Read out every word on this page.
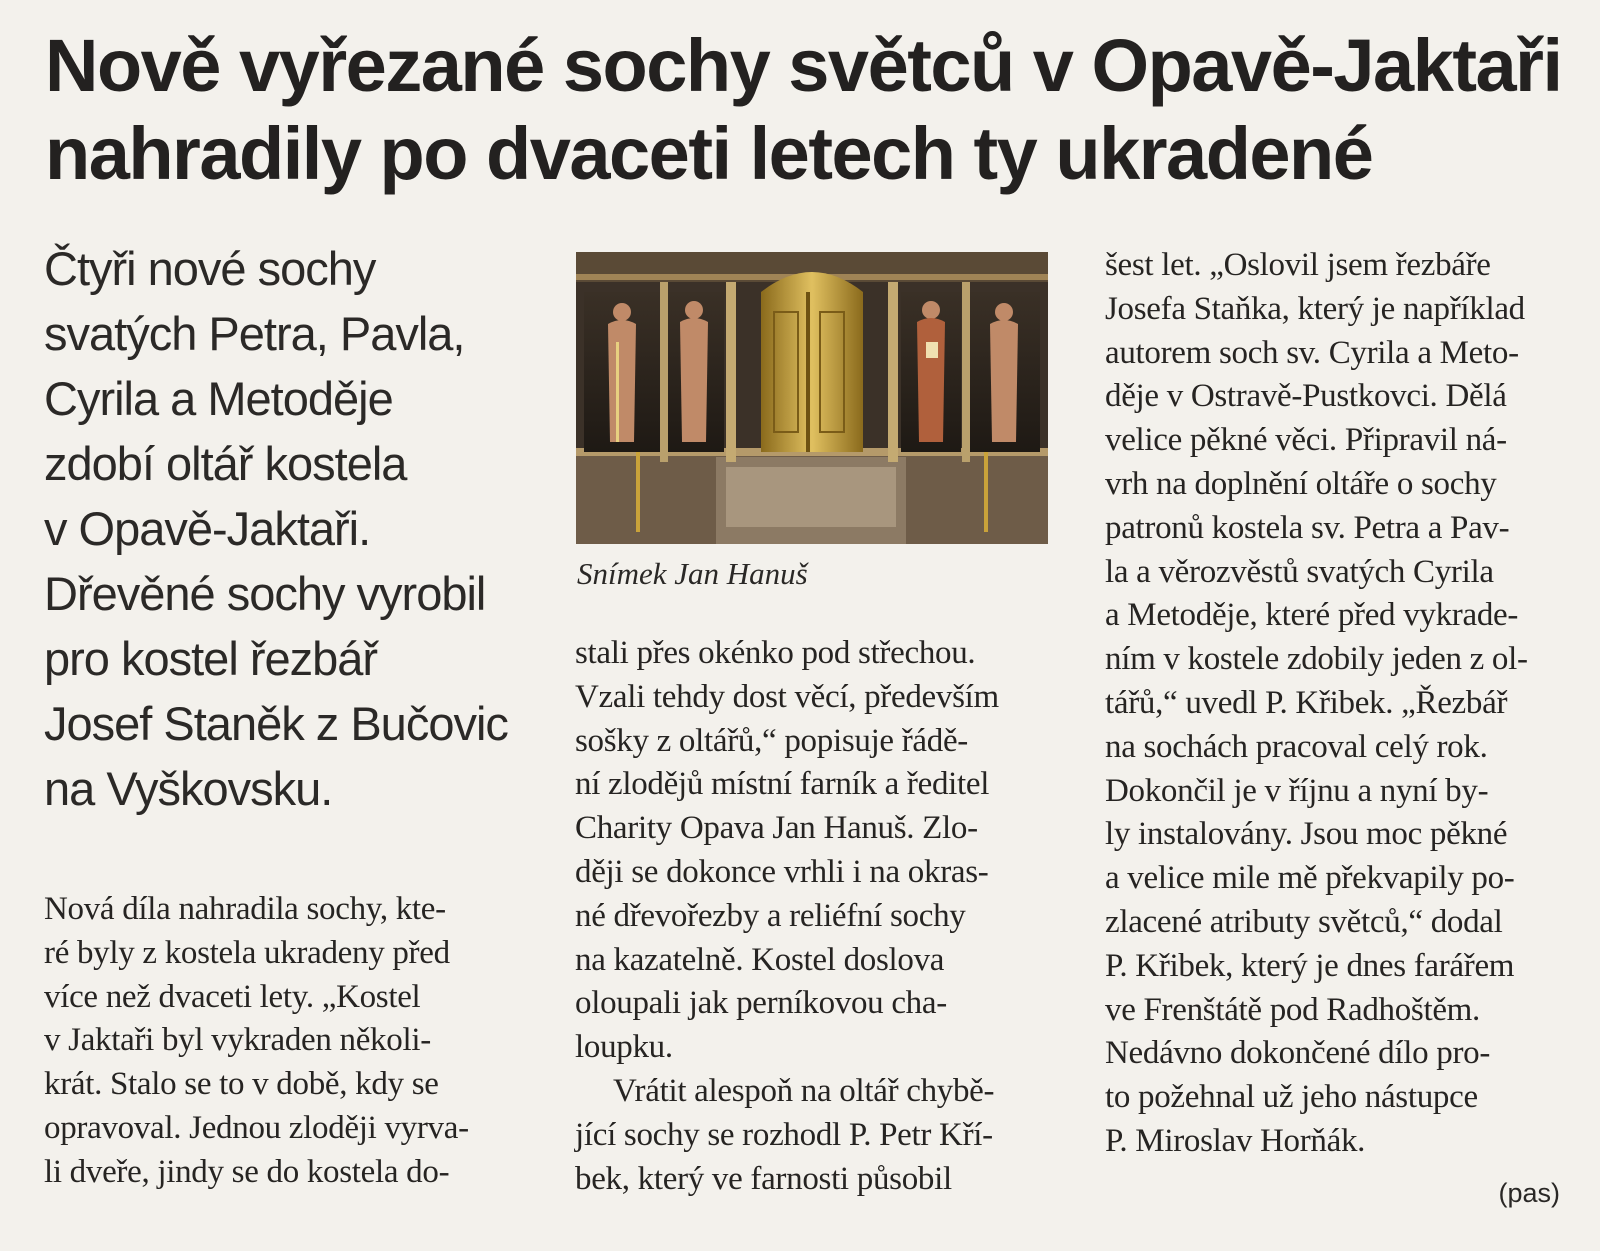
Nově vyřezané sochy světců v Opavě-Jaktaři
nahradily po dvaceti letech ty ukradené
Čtyři nové sochy
svatých Petra, Pavla,
Cyrila a Metoděje
zdobí oltář kostela
v Opavě-Jaktaři.
Dřevěné sochy vyrobil
pro kostel řezbář
Josef Staněk z Bučovic
na Vyškovsku.
Nová díla nahradila sochy, kte-
ré byly z kostela ukradeny před
více než dvaceti lety. „Kostel
v Jaktaři byl vykraden několi-
krát. Stalo se to v době, kdy se
opravoval. Jednou zloději vyrva-
li dveře, jindy se do kostela do-
Snímek Jan Hanuš
stali přes okénko pod střechou.
Vzali tehdy dost věcí, především
sošky z oltářů,“ popisuje řádě-
ní zlodějů místní farník a ředitel
Charity Opava Jan Hanuš. Zlo-
ději se dokonce vrhli i na okras-
né dřevořezby a reliéfní sochy
na kazatelně. Kostel doslova
oloupali jak perníkovou cha-
loupku.
Vrátit alespoň na oltář chybě-
jící sochy se rozhodl P. Petr Kří-
bek, který ve farnosti působil
šest let. „Oslovil jsem řezbáře
Josefa Staňka, který je například
autorem soch sv. Cyrila a Meto-
děje v Ostravě-Pustkovci. Dělá
velice pěkné věci. Připravil ná-
vrh na doplnění oltáře o sochy
patronů kostela sv. Petra a Pav-
la a věrozvěstů svatých Cyrila
a Metoděje, které před vykrade-
ním v kostele zdobily jeden z ol-
tářů,“ uvedl P. Křibek. „Řezbář
na sochách pracoval celý rok.
Dokončil je v říjnu a nyní by-
ly instalovány. Jsou moc pěkné
a velice mile mě překvapily po-
zlacené atributy světců,“ dodal
P. Křibek, který je dnes farářem
ve Frenštátě pod Radhoštěm.
Nedávno dokončené dílo pro-
to požehnal už jeho nástupce
P. Miroslav Horňák.
(pas)
